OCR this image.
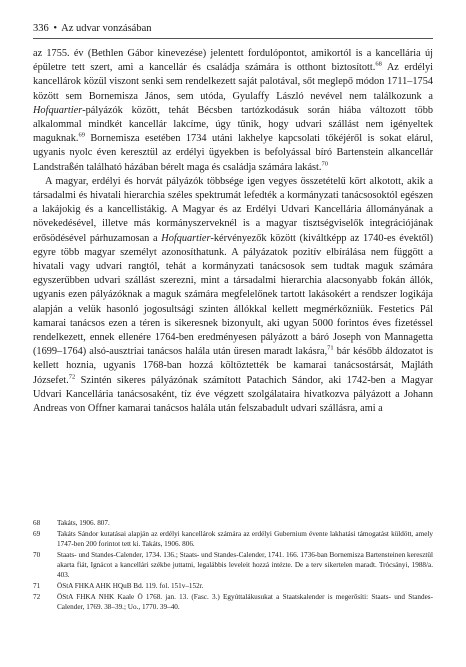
336 • Az udvar vonzásában

az 1755. év (Bethlen Gábor kinevezése) jelentett fordulópontot, amikortól is a kancellária új épületre tett szert, ami a kancellár és családja számára is otthont biztosított.$^{68}$ Az erdélyi kancellárok közül viszont senki sem rendelkezett saját palotával, sőt meglepő módon 1711–1754 között sem Bornemisza János, sem utóda, Gyulaffy László nevével nem találkozunk a Hofquartier-pályázók között, tehát Bécsben tartózkodásuk során hiába változott több alkalommal mindkét kancellár lakcíme, úgy tűnik, hogy udvari szállást nem igényeltek maguknak.$^{69}$ Bornemisza esetében 1734 utáni lakhelye kapcsolati tőkéjéről is sokat elárul, ugyanis nyolc éven keresztül az erdélyi ügyekben is befolyással bíró Bartenstein alkancellár Landstraßén található házában bérelt maga és családja számára lakást.$^{70}$

A magyar, erdélyi és horvát pályázók többsége igen vegyes összetételű kört alkotott, akik a társadalmi és hivatali hierarchia széles spektrumát lefedték a kormányzati tanácsosoktól egészen a lakájokig és a kancellistákig. A Magyar és az Erdélyi Udvari Kancellária állományának a növekedésével, illetve más kormányszerveknél is a magyar tisztségviselők integrációjának erősödésével párhuzamosan a Hofquartier-kérvényezők között (kiváltképp az 1740-es évektől) egyre több magyar személyt azonosíthatunk. A pályázatok pozitív elbírálása nem függött a hivatali vagy udvari rangtól, tehát a kormányzati tanácsosok sem tudtak maguk számára egyszerűbben udvari szállást szerezni, mint a társadalmi hierarchia alacsonyabb fokán állók, ugyanis ezen pályázóknak a maguk számára megfelelőnek tartott lakásokért a rendszer logikája alapján a velük hasonló jogosultsági szinten állókkal kellett megmérkőzniük. Festetics Pál kamarai tanácsos ezen a téren is sikeresnek bizonyult, aki ugyan 5000 forintos éves fizetéssel rendelkezett, ennek ellenére 1764-ben eredményesen pályázott a báró Joseph von Mannagetta (1699–1764) alsó-ausztriai tanácsos halála után üresen maradt lakásra,$^{71}$ bár később áldozatot is kellett hoznia, ugyanis 1768-ban hozzá költöztették be kamarai tanácsostársát, Majláth Józsefet.$^{72}$ Szintén sikeres pályázónak számított Patachich Sándor, aki 1742-ben a Magyar Udvari Kancellária tanácsosaként, tíz éve végzett szolgálataira hivatkozva pályázott a Johann Andreas von Offner kamarai tanácsos halála után felszabadult udvari szállásra, ami a

68	Takáts, 1906. 807.
69	Takáts Sándor kutatásai alapján az erdélyi kancellárok számára az erdélyi Gubernium évente lakhatási támogatást küldött, amely 1747-ben 200 forintot tett ki. Takáts, 1906. 806.
70	Staats- und Standes-Calender, 1734. 136.; Staats- und Standes-Calender, 1741. 166. 1736-ban Bornemisza Bartensteinen keresztül akarta fiát, Ignácot a kancellári székbe juttatni, legalábbis leveleit hozzá intézte. De a terv sikertelen maradt. Trócsányi, 1988/a. 403.
71	ÖStA FHKA AHK HQuB Bd. 119. fol. 151v–152r.
72	ÖStA FHKA NHK Kaale Ö 1768. jan. 13. (Fasc. 3.) Egyúttalákusukat a Staatskalender is megerősíti: Staats- und Standes-Calender, 1769. 38–39.; Uo., 1770. 39–40.
